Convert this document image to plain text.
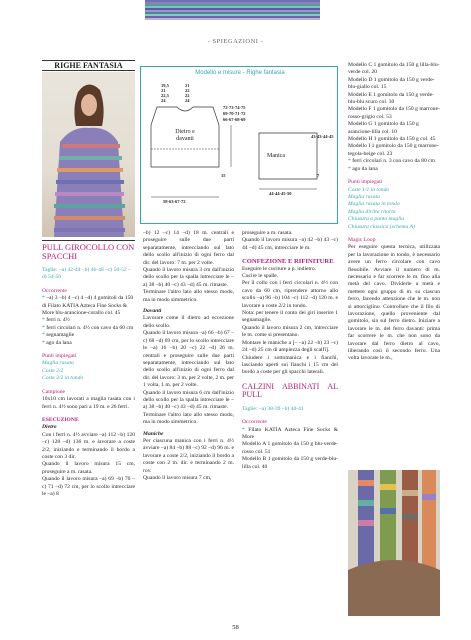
- SPIEGAZIONI -
RIGHE FANTASIA
PULL GIROCOLLO CON SPACCHI

Taglie: –a) 42-44 –b) 46-48 –c) 50-52 –d) 54-56

Occorrente

* –a) 3 –b) 4 –c) 4 –d) 4 gomitoli da 150 di Filato KATIA Azteca Fine Socks & More blu-arancione-corallo col. 45

* ferri n. 4½

* ferri circolari n. 4½ con cavo da 60 cm

* segnamaglie

* ago da lana

Punti impiegati

Maglia rasata

Coste 2/2

Coste 2/2 in tondo

Campione

10x10 cm lavorati a maglia rasata con i ferri n. 4½ sono pari a 19 m. e 26 ferri.

ESECUZIONE

Dietro

Con i ferri n. 4½ avviare –a) 112 –b) 120 –c) 128 –d) 136 m. e lavorare a coste 2/2, iniziando e terminando il bordo a coste con 3 dir.

Quando il lavoro misura 15 cm, proseguire a m. rasata.

Quando il lavoro misura –a) 69 –b) 70 –c) 71 –d) 72 cm, per lo scollo intrecciare le –a) 8

Modello e misure - Righe fantasia
19,5
21
22,5
24
21
22
22
24
72-73-74-75
69-70-71-72
66-67-68-69
Dietro e davanti
15
58-63-67-72
Manica
43-43-44-45
7
44-44-45-50

–b) 12 –c) 14 –d) 18 m. centrali e proseguire sulle due parti separatamente, intrecciando sul lato dello scollo all'inizio di ogni ferro dal dir. del lavoro: 7 m. per 2 volte.

Quando il lavoro misura 3 cm dall'inizio dello scollo per la spalla intrecciare le –a) 38 –b) 40 –c) 43 –d) 45 m. rimaste.

Terminare l'altro lato allo stesso modo, ma in modo simmetrico.

Davanti

Lavorare come il dietro ad eccezione dello scollo.

Quando il lavoro misura –a) 66 –b) 67 –c) 68 –d) 69 cm, per lo scollo intrecciare le –a) 16 –b) 20 –c) 22 –d) 26 m. centrali e proseguire sulle due parti separatamente, intrecciando sul lato dello scollo all'inizio di ogni ferro dal dir. del lavoro: 3 m. per 2 volte, 2 m. per 1 volta, 1 m. per 2 volte.

Quando il lavoro misura 6 cm dall'inizio dello scollo per la spalla intrecciare le –a) 38 –b) 40 –c) 43 –d) 45 m. rimaste.

Terminare l'altro lato allo stesso modo, ma in modo simmetrico.

Maniche

Per ciascuna manica con i ferri n. 4½ avviare –a) 84 –b) 88 –c) 92 –d) 96 m. e lavorare a coste 2/2, iniziando il bordo a coste con 2 m. dir. e terminando 2 m. rov.

Quando il lavoro misura 7 cm,

proseguire a m. rasata.

Quando il lavoro misura –a) 42 –b) 43 –c) 44 –d) 45 cm, intrecciare le m.

CONFEZIONE E RIFINITURE

Eseguire le cuciture a p. indietro.

Cucire le spalle.

Per il collo con i ferri circolari n. 4½ con cavo da 60 cm, riprendere attorno allo scollo –a) 96 –b) 104 –c) 112 –d) 120 m. e lavorare a coste 2/2 in tondo.

Nota: per tenere il conto dei giri inserire 1 segnamaglie.

Quando il lavoro misura 2 cm, intrecciare le m. come si presentano.

Montare le maniche a [– –a) 22 –b) 23 –c) 24 –d) 25 cm di ampiezza degli scalfi].

Chiudere i sottomanica e i fianchi, lasciando aperti sui fianchi i 15 cm del bordo a coste per gli spacchi laterali.

CALZINI ABBINATI AL PULL

Taglie: –a) 38-39 –b) 40-41

Occorrente

* Filato KATIA Azteca Fine Socks & More

Modello A 1 gomitolo da 150 g blu-verde-rosso col. 51

Modello B 1 gomitolo da 150 g verde-blu-lilla col. 40

Modello C 1 gomitolo da 150 g lilla-blu-verde col. 20

Modello D 1 gomitolo da 150 g verde-blu-giallo col. 15

Modello E 1 gomitolo da 150 g verde-blu-blu scuro col. 30

Modello F 1 gomitolo da 150 g marrone-rosso-grigio col. 53

Modello G 1 gomitolo da 150 g arancione-lilla col. 10

Modello H 1 gomitolo da 150 g col. 45

Modello I 1 gomitolo da 150 g marrone-tegola-beige col. 23

* ferri circolari n. 3 con cavo da 80 cm

* ago da lana

Punti impiegati

Coste 1/1 in tondo

Maglia rasata

Maglia rasata in tondo

Maglia diritta ritorta

Chiusura a punto maglia

Chiusura classica (schema A)

Magic Loop

Per eseguire questa tecnica, utilizzata per la lavorazione in tondo, è necessario avere un ferro circolare con cavo flessibile. Avviare il numero di m. necessario e far scorrere le m. fino alla metà del cavo. Dividerle a metà e mettere ogni gruppo di m. su ciascun ferro, facendo attenzione che le m. non si attorciglino. Controllare che il filo di lavorazione, quello proveniente dal gomitolo, sia sul ferro dietro. Iniziare a lavorare le m. del ferro davanti: prima far scorrere le m. che non sono da lavorare dal ferro dietro al cavo, liberando così il secondo ferro. Una volta lavorate le m.,

58
